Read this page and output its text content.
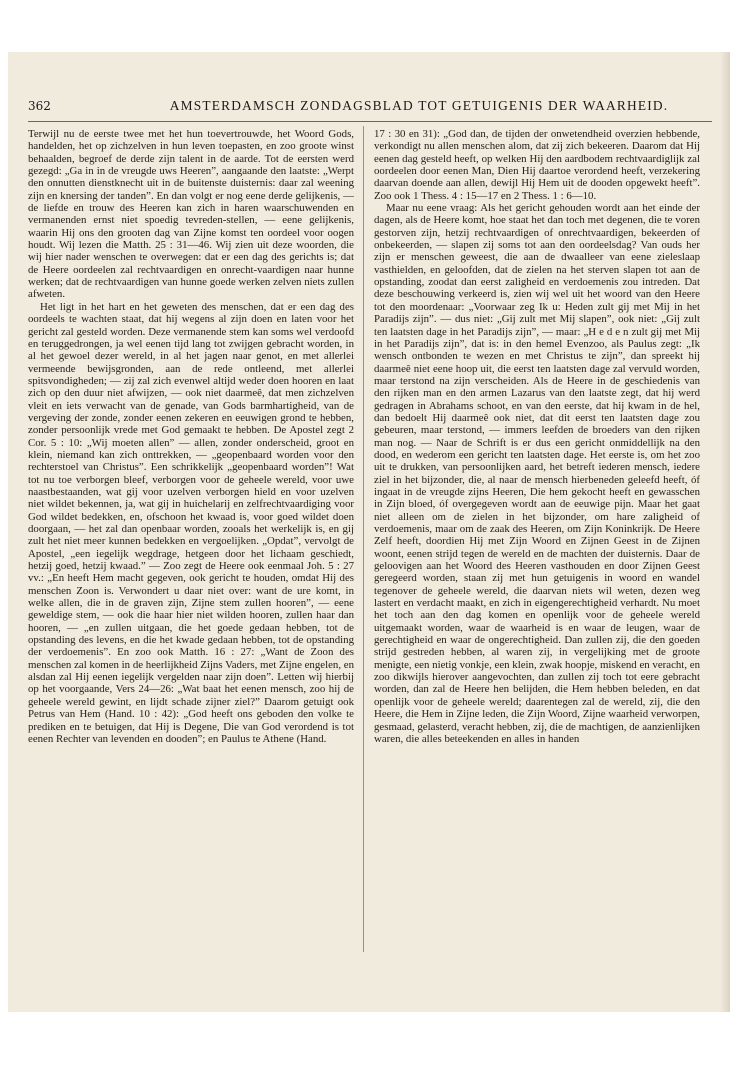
362	AMSTERDAMSCH ZONDAGSBLAD TOT GETUIGENIS DER WAARHEID.

Terwijl nu de eerste twee met het hun toevertrouwde, het Woord Gods, handelden, het op zichzelven in hun leven toepasten, en zoo groote winst behaalden, begroef de derde zijn talent in de aarde. Tot de eersten werd gezegd: „Ga in in de vreugde uws Heeren”, aangaande den laatste: „Werpt den onnutten dienstknecht uit in de buitenste duisternis: daar zal weening zijn en knersing der tanden”. En dan volgt er nog eene derde gelijkenis, — de liefde en trouw des Heeren kan zich in haren waarschuwenden en vermanenden ernst niet spoedig tevreden-stellen, — eene gelijkenis, waarin Hij ons den grooten dag van Zijne komst ten oordeel voor oogen houdt. Wij lezen die Matth. 25 : 31—46. Wij zien uit deze woorden, die wij hier nader wenschen te overwegen: dat er een dag des gerichts is; dat de Heere oordeelen zal rechtvaardigen en onrecht-vaardigen naar hunne werken; dat de rechtvaardigen van hunne goede werken zelven niets zullen afweten.

Het ligt in het hart en het geweten des menschen, dat er een dag des oordeels te wachten staat, dat hij wegens al zijn doen en laten voor het gericht zal gesteld worden. Deze vermanende stem kan soms wel verdoofd en teruggedrongen, ja wel eenen tijd lang tot zwijgen gebracht worden, in al het gewoel dezer wereld, in al het jagen naar genot, en met allerlei vermeende bewijsgronden, aan de rede ontleend, met allerlei spitsvondigheden; — zij zal zich evenwel altijd weder doen hooren en laat zich op den duur niet afwijzen, — ook niet daarmeê, dat men zichzelven vleit en iets verwacht van de genade, van Gods barmhartigheid, van de vergeving der zonde, zonder eenen zekeren en eeuwigen grond te hebben, zonder persoonlijk vrede met God gemaakt te hebben. De Apostel zegt 2 Cor. 5 : 10: „Wij moeten allen” — allen, zonder onderscheid, groot en klein, niemand kan zich onttrekken, — „geopenbaard worden voor den rechterstoel van Christus”. Een schrikkelijk „geopenbaard worden”! Wat tot nu toe verborgen bleef, verborgen voor de geheele wereld, voor uwe naastbestaanden, wat gij voor uzelven verborgen hield en voor uzelven niet wildet bekennen, ja, wat gij in huichelarij en zelfrechtvaardiging voor God wildet bedekken, en, ofschoon het kwaad is, voor goed wildet doen doorgaan, — het zal dan openbaar worden, zooals het werkelijk is, en gij zult het niet meer kunnen bedekken en vergoelijken. „Opdat”, vervolgt de Apostel, „een iegelijk wegdrage, hetgeen door het lichaam geschiedt, hetzij goed, hetzij kwaad.” — Zoo zegt de Heere ook eenmaal Joh. 5 : 27 vv.: „En heeft Hem macht gegeven, ook gericht te houden, omdat Hij des menschen Zoon is. Verwondert u daar niet over: want de ure komt, in welke allen, die in de graven zijn, Zijne stem zullen hooren”, — eene geweldige stem, — ook die haar hier niet wilden hooren, zullen haar dan hooren, — „en zullen uitgaan, die het goede gedaan hebben, tot de opstanding des levens, en die het kwade gedaan hebben, tot de opstanding der verdoemenis”. En zoo ook Matth. 16 : 27: „Want de Zoon des menschen zal komen in de heerlijkheid Zijns Vaders, met Zijne engelen, en alsdan zal Hij eenen iegelijk vergelden naar zijn doen”. Letten wij hierbij op het voorgaande, Vers 24—26: „Wat baat het eenen mensch, zoo hij de geheele wereld gewint, en lijdt schade zijner ziel?” Daarom getuigt ook Petrus van Hem (Hand. 10 : 42): „God heeft ons geboden den volke te prediken en te betuigen, dat Hij is Degene, Die van God verordend is tot eenen Rechter van levenden en dooden”; en Paulus te Athene (Hand.

17 : 30 en 31): „God dan, de tijden der onwetendheid overzien hebbende, verkondigt nu allen menschen alom, dat zij zich bekeeren. Daarom dat Hij eenen dag gesteld heeft, op welken Hij den aardbodem rechtvaardiglijk zal oordeelen door eenen Man, Dien Hij daartoe verordend heeft, verzekering daarvan doende aan allen, dewijl Hij Hem uit de dooden opgewekt heeft”. Zoo ook 1 Thess. 4 : 15—17 en 2 Thess. 1 : 6—10.

Maar nu eene vraag: Als het gericht gehouden wordt aan het einde der dagen, als de Heere komt, hoe staat het dan toch met degenen, die te voren gestorven zijn, hetzij rechtvaardigen of onrechtvaardigen, bekeerden of onbekeerden, — slapen zij soms tot aan den oordeelsdag? Van ouds her zijn er menschen geweest, die aan de dwaalleer van eene zieleslaap vasthielden, en geloofden, dat de zielen na het sterven slapen tot aan de opstanding, zoodat dan eerst zaligheid en verdoemenis zou intreden. Dat deze beschouwing verkeerd is, zien wij wel uit het woord van den Heere tot den moordenaar: „Voorwaar zeg Ik u: Heden zult gij met Mij in het Paradijs zijn”. — dus niet: „Gij zult met Mij slapen”, ook niet: „Gij zult ten laatsten dage in het Paradijs zijn”, — maar: „H e d e n zult gij met Mij in het Paradijs zijn”, dat is: in den hemel Evenzoo, als Paulus zegt: „Ik wensch ontbonden te wezen en met Christus te zijn”, dan spreekt hij daarmeê niet eene hoop uit, die eerst ten laatsten dage zal vervuld worden, maar terstond na zijn verscheiden. Als de Heere in de geschiedenis van den rijken man en den armen Lazarus van den laatste zegt, dat hij werd gedragen in Abrahams schoot, en van den eerste, dat hij kwam in de hel, dan bedoelt Hij daarmeê ook niet, dat dit eerst ten laatsten dage zou gebeuren, maar terstond, — immers leefden de broeders van den rijken man nog. — Naar de Schrift is er dus een gericht onmiddellijk na den dood, en wederom een gericht ten laatsten dage. Het eerste is, om het zoo uit te drukken, van persoonlijken aard, het betreft iederen mensch, iedere ziel in het bijzonder, die, al naar de mensch hierbeneden geleefd heeft, óf ingaat in de vreugde zijns Heeren, Die hem gekocht heeft en gewasschen in Zijn bloed, óf overgegeven wordt aan de eeuwige pijn. Maar het gaat niet alleen om de zielen in het bijzonder, om hare zaligheid of verdoemenis, maar om de zaak des Heeren, om Zijn Koninkrijk. De Heere Zelf heeft, doordien Hij met Zijn Woord en Zijnen Geest in de Zijnen woont, eenen strijd tegen de wereld en de machten der duisternis. Daar de geloovigen aan het Woord des Heeren vasthouden en door Zijnen Geest geregeerd worden, staan zij met hun getuigenis in woord en wandel tegenover de geheele wereld, die daarvan niets wil weten, dezen weg lastert en verdacht maakt, en zich in eigengerechtigheid verhardt. Nu moet het toch aan den dag komen en openlijk voor de geheele wereld uitgemaakt worden, waar de waarheid is en waar de leugen, waar de gerechtigheid en waar de ongerechtigheid. Dan zullen zij, die den goeden strijd gestreden hebben, al waren zij, in vergelijking met de groote menigte, een nietig vonkje, een klein, zwak hoopje, miskend en veracht, en zoo dikwijls hierover aangevochten, dan zullen zij toch tot eere gebracht worden, dan zal de Heere hen belijden, die Hem hebben beleden, en dat openlijk voor de geheele wereld; daarentegen zal de wereld, zij, die den Heere, die Hem in Zijne leden, die Zijn Woord, Zijne waarheid verworpen, gesmaad, gelasterd, veracht hebben, zij, die de machtigen, de aanzienlijken waren, die alles beteekenden en alles in handen
